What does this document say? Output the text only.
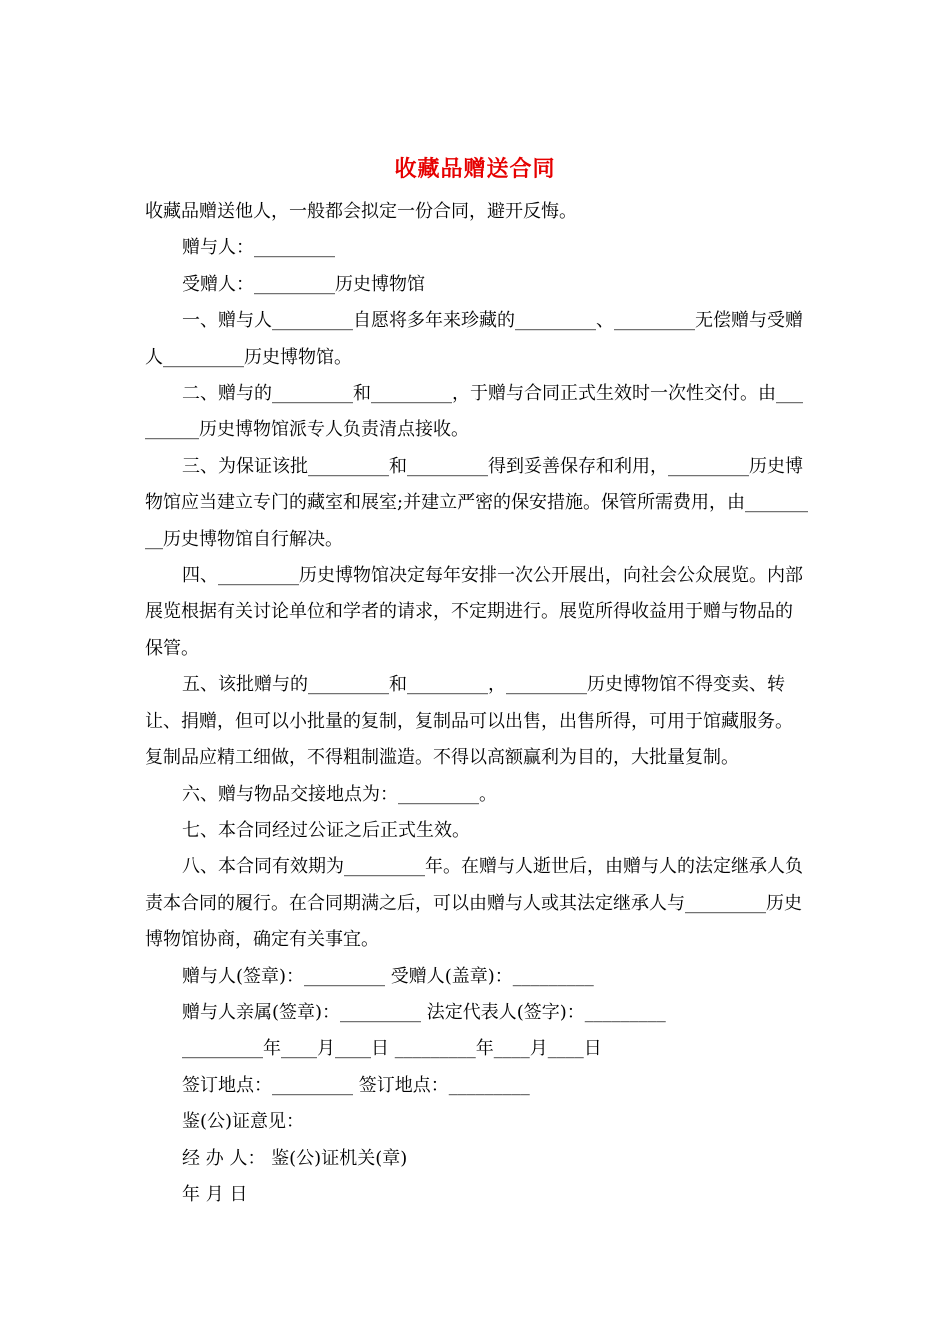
收藏品赠送合同

收藏品赠送他人，一般都会拟定一份合同，避开反悔。

赠与人：_________

受赠人：_________历史博物馆

一、赠与人_________自愿将多年来珍藏的_________、_________无偿赠与受赠人_________历史博物馆。

二、赠与的_________和_________，于赠与合同正式生效时一次性交付。由_________历史博物馆派专人负责清点接收。

三、为保证该批_________和_________得到妥善保存和利用，_________历史博物馆应当建立专门的藏室和展室;并建立严密的保安措施。保管所需费用，由_________历史博物馆自行解决。

四、_________历史博物馆决定每年安排一次公开展出，向社会公众展览。内部展览根据有关讨论单位和学者的请求，不定期进行。展览所得收益用于赠与物品的保管。

五、该批赠与的_________和_________，_________历史博物馆不得变卖、转让、捐赠，但可以小批量的复制，复制品可以出售，出售所得，可用于馆藏服务。复制品应精工细做，不得粗制滥造。不得以高额赢利为目的，大批量复制。

六、赠与物品交接地点为：_________。

七、本合同经过公证之后正式生效。

八、本合同有效期为_________年。在赠与人逝世后，由赠与人的法定继承人负责本合同的履行。在合同期满之后，可以由赠与人或其法定继承人与_________历史博物馆协商，确定有关事宜。

赠与人(签章)：_________ 受赠人(盖章)：_________

赠与人亲属(签章)：_________ 法定代表人(签字)：_________

_________年____月____日 _________年____月____日

签订地点：_________ 签订地点：_________

鉴(公)证意见：

经 办 人： 鉴(公)证机关(章)

年 月 日
